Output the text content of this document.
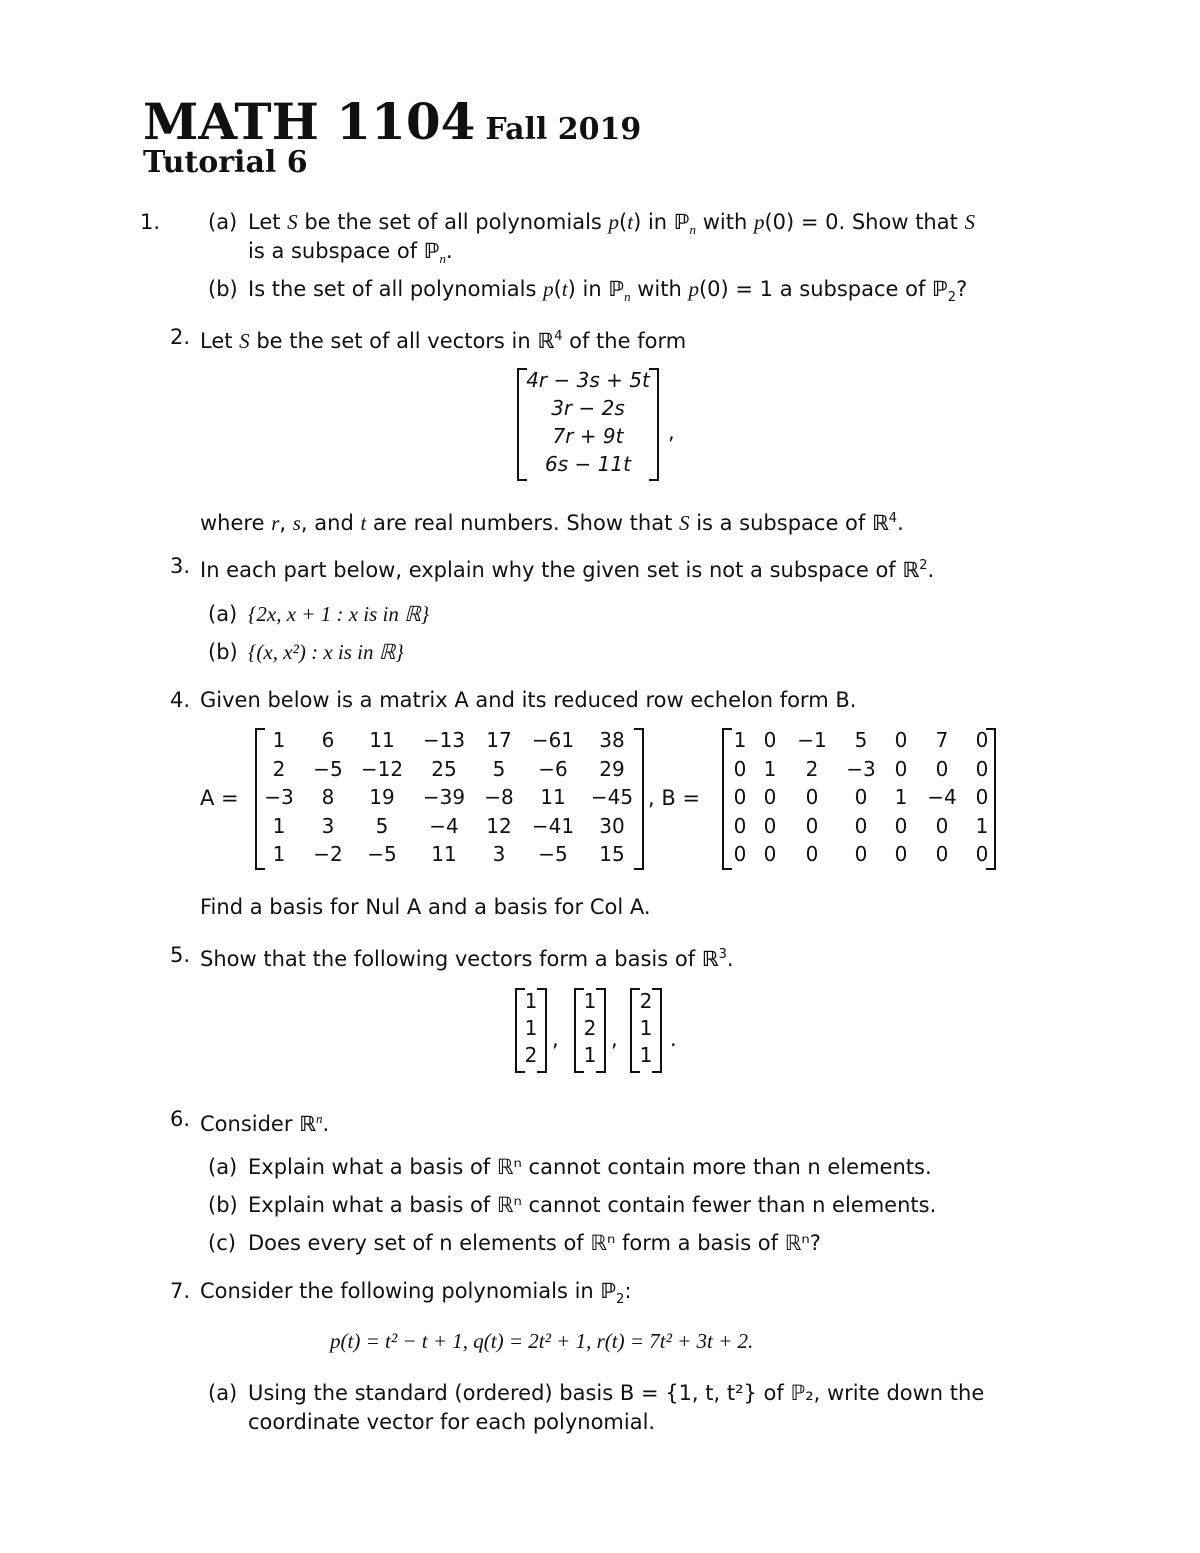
MATH 1104 Fall 2019
Tutorial 6
1. (a) Let S be the set of all polynomials p(t) in ℙ$_n$ with p(0) = 0. Show that S
is a subspace of ℙ$_n$.
(b) Is the set of all polynomials p(t) in ℙ$_n$ with p(0) = 1 a subspace of ℙ$_2$?
2. Let S be the set of all vectors in ℝ$^4$ of the form
4r − 3s + 5t
3r − 2s
7r + 9t
6s − 11t
,
where r, s, and t are real numbers. Show that S is a subspace of ℝ$^4$.
3. In each part below, explain why the given set is not a subspace of ℝ$^2$.
(a) {2x, x + 1 : x is in ℝ}
(b) {(x, x²) : x is in ℝ}
4. Given below is a matrix A and its reduced row echelon form B.
A =
1	6	11	−13	17	−61	38
2	−5 −12	25	5	−6	29
−3	8	19	−39 −8	11	−45
1	3	5	−4	12	−41	30
1	−2	−5	11	3	−5	15
, B =
1 0	−1	5	0	7	0
0 1	2	−3 0	0	0
0 0	0	0	1 −4 0
0 0	0	0	0	0	1
0 0	0	0	0	0	0
Find a basis for Nul A and a basis for Col A.
5. Show that the following vectors form a basis of ℝ$^3$.
1
1
2
,
1
2
1
,
2
1
1
.
6. Consider ℝ$^n$.
(a) Explain what a basis of ℝⁿ cannot contain more than n elements.
(b) Explain what a basis of ℝⁿ cannot contain fewer than n elements.
(c) Does every set of n elements of ℝⁿ form a basis of ℝⁿ?
7. Consider the following polynomials in ℙ$_2$:
p(t) = t² − t + 1, q(t) = 2t² + 1, r(t) = 7t² + 3t + 2.
(a) Using the standard (ordered) basis B = {1, t, t²} of ℙ₂, write down the
coordinate vector for each polynomial.
